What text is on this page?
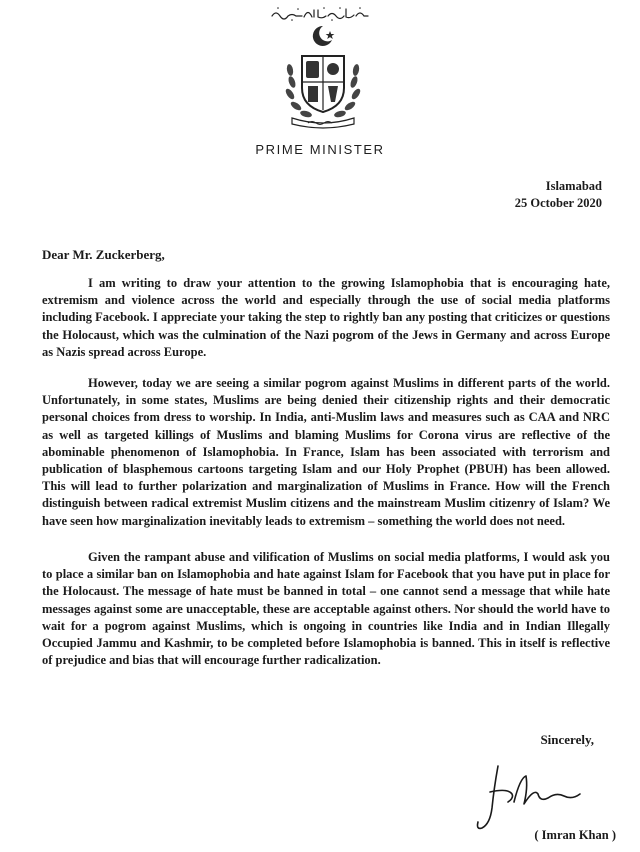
PRIME MINISTER
Islamabad
25 October 2020
Dear Mr. Zuckerberg,

I am writing to draw your attention to the growing Islamophobia that is encouraging hate, extremism and violence across the world and especially through the use of social media platforms including Facebook. I appreciate your taking the step to rightly ban any posting that criticizes or questions the Holocaust, which was the culmination of the Nazi pogrom of the Jews in Germany and across Europe as Nazis spread across Europe.

However, today we are seeing a similar pogrom against Muslims in different parts of the world. Unfortunately, in some states, Muslims are being denied their citizenship rights and their democratic personal choices from dress to worship. In India, anti-Muslim laws and measures such as CAA and NRC as well as targeted killings of Muslims and blaming Muslims for Corona virus are reflective of the abominable phenomenon of Islamophobia. In France, Islam has been associated with terrorism and publication of blasphemous cartoons targeting Islam and our Holy Prophet (PBUH) has been allowed. This will lead to further polarization and marginalization of Muslims in France. How will the French distinguish between radical extremist Muslim citizens and the mainstream Muslim citizenry of Islam? We have seen how marginalization inevitably leads to extremism – something the world does not need.

Given the rampant abuse and vilification of Muslims on social media platforms, I would ask you to place a similar ban on Islamophobia and hate against Islam for Facebook that you have put in place for the Holocaust. The message of hate must be banned in total – one cannot send a message that while hate messages against some are unacceptable, these are acceptable against others. Nor should the world have to wait for a pogrom against Muslims, which is ongoing in countries like India and in Indian Illegally Occupied Jammu and Kashmir, to be completed before Islamophobia is banned. This in itself is reflective of prejudice and bias that will encourage further radicalization.

Sincerely,
( Imran Khan )
